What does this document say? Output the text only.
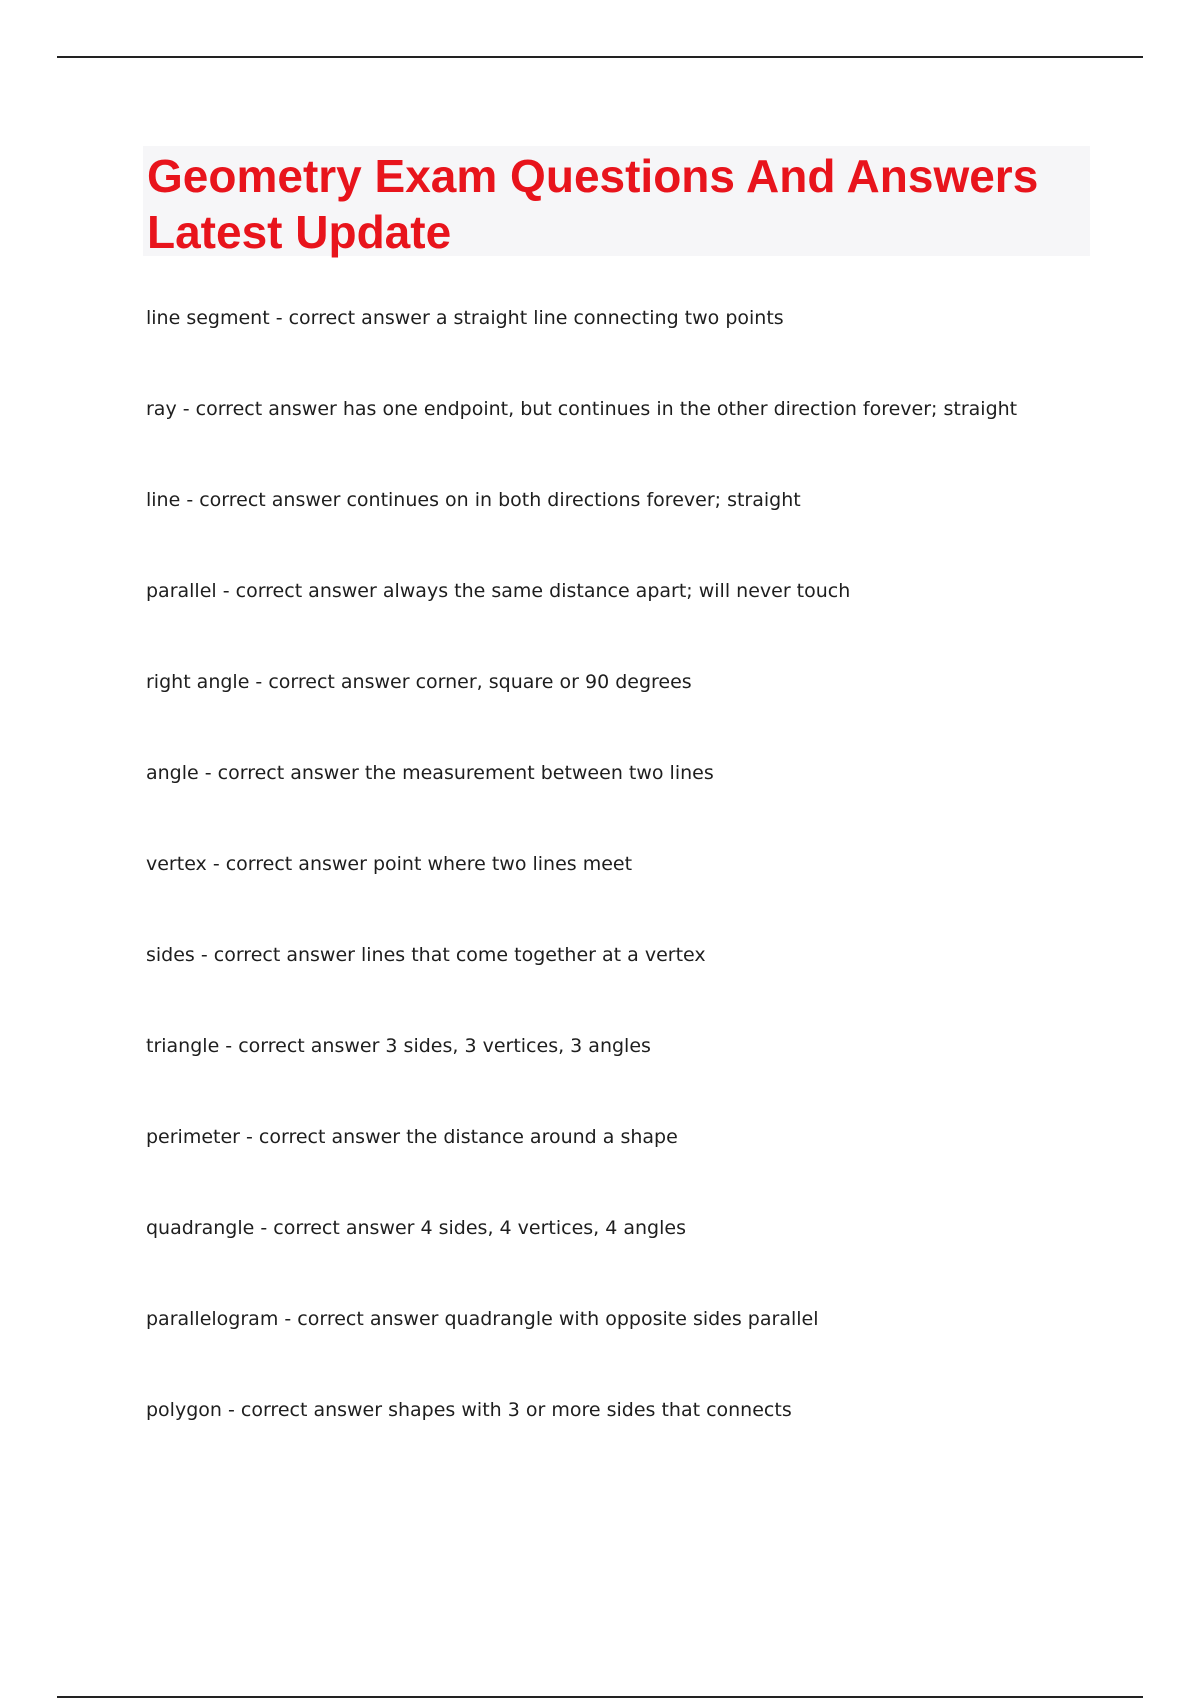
Geometry Exam Questions And Answers Latest Update
line segment - correct answer a straight line connecting two points
ray - correct answer has one endpoint, but continues in the other direction forever; straight
line - correct answer continues on in both directions forever; straight
parallel - correct answer always the same distance apart; will never touch
right angle - correct answer corner, square or 90 degrees
angle - correct answer the measurement between two lines
vertex - correct answer point where two lines meet
sides - correct answer lines that come together at a vertex
triangle - correct answer 3 sides, 3 vertices, 3 angles
perimeter - correct answer the distance around a shape
quadrangle - correct answer 4 sides, 4 vertices, 4 angles
parallelogram - correct answer quadrangle with opposite sides parallel
polygon - correct answer shapes with 3 or more sides that connects
